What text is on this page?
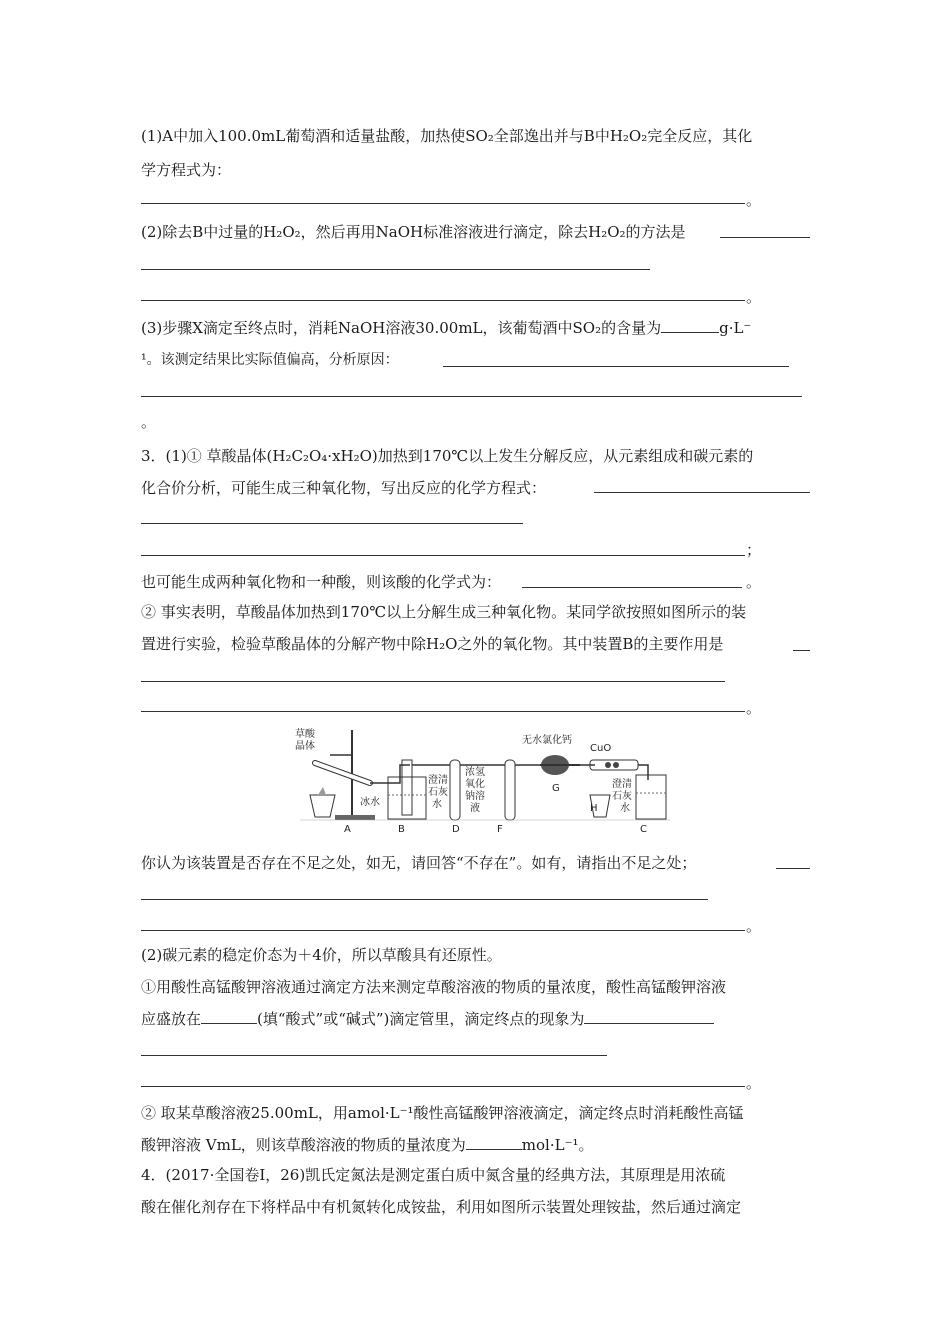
(1)A中加入100.0mL葡萄酒和适量盐酸，加热使SO₂全部逸出并与B中H₂O₂完全反应，其化
学方程式为：
。
(2)除去B中过量的H₂O₂，然后再用NaOH标准溶液进行滴定，除去H₂O₂的方法是
。
(3)步骤X滴定至终点时，消耗NaOH溶液30.00mL，该葡萄酒中SO₂的含量为	g·L⁻
¹。该测定结果比实际值偏高，分析原因：
。
3．(1)① 草酸晶体(H₂C₂O₄·xH₂O)加热到170℃以上发生分解反应，从元素组成和碳元素的
化合价分析，可能生成三种氧化物，写出反应的化学方程式：
；
也可能生成两种氧化物和一种酸，则该酸的化学式为：	。
② 事实表明，草酸晶体加热到170℃以上分解生成三种氧化物。某同学欲按照如图所示的装
置进行实验，检验草酸晶体的分解产物中除H₂O之外的氧化物。其中装置B的主要作用是
。
草酸
晶体
冰水
澄清
石灰
水
浓氢
氧化
钠溶
液
无水氯化钙
CuO
澄清
石灰
水
A	B	D	F
G
H
C
你认为该装置是否存在不足之处，如无，请回答“不存在”。如有，请指出不足之处；
。
(2)碳元素的稳定价态为＋4价，所以草酸具有还原性。
①用酸性高锰酸钾溶液通过滴定方法来测定草酸溶液的物质的量浓度，酸性高锰酸钾溶液
应盛放在	(填“酸式”或“碱式”)滴定管里，滴定终点的现象为
。
② 取某草酸溶液25.00mL，用amol·L⁻¹酸性高锰酸钾溶液滴定，滴定终点时消耗酸性高锰
酸钾溶液 VmL，则该草酸溶液的物质的量浓度为	mol·L⁻¹。
4．(2017·全国卷Ⅰ，26)凯氏定氮法是测定蛋白质中氮含量的经典方法，其原理是用浓硫
酸在催化剂存在下将样品中有机氮转化成铵盐，利用如图所示装置处理铵盐，然后通过滴定
